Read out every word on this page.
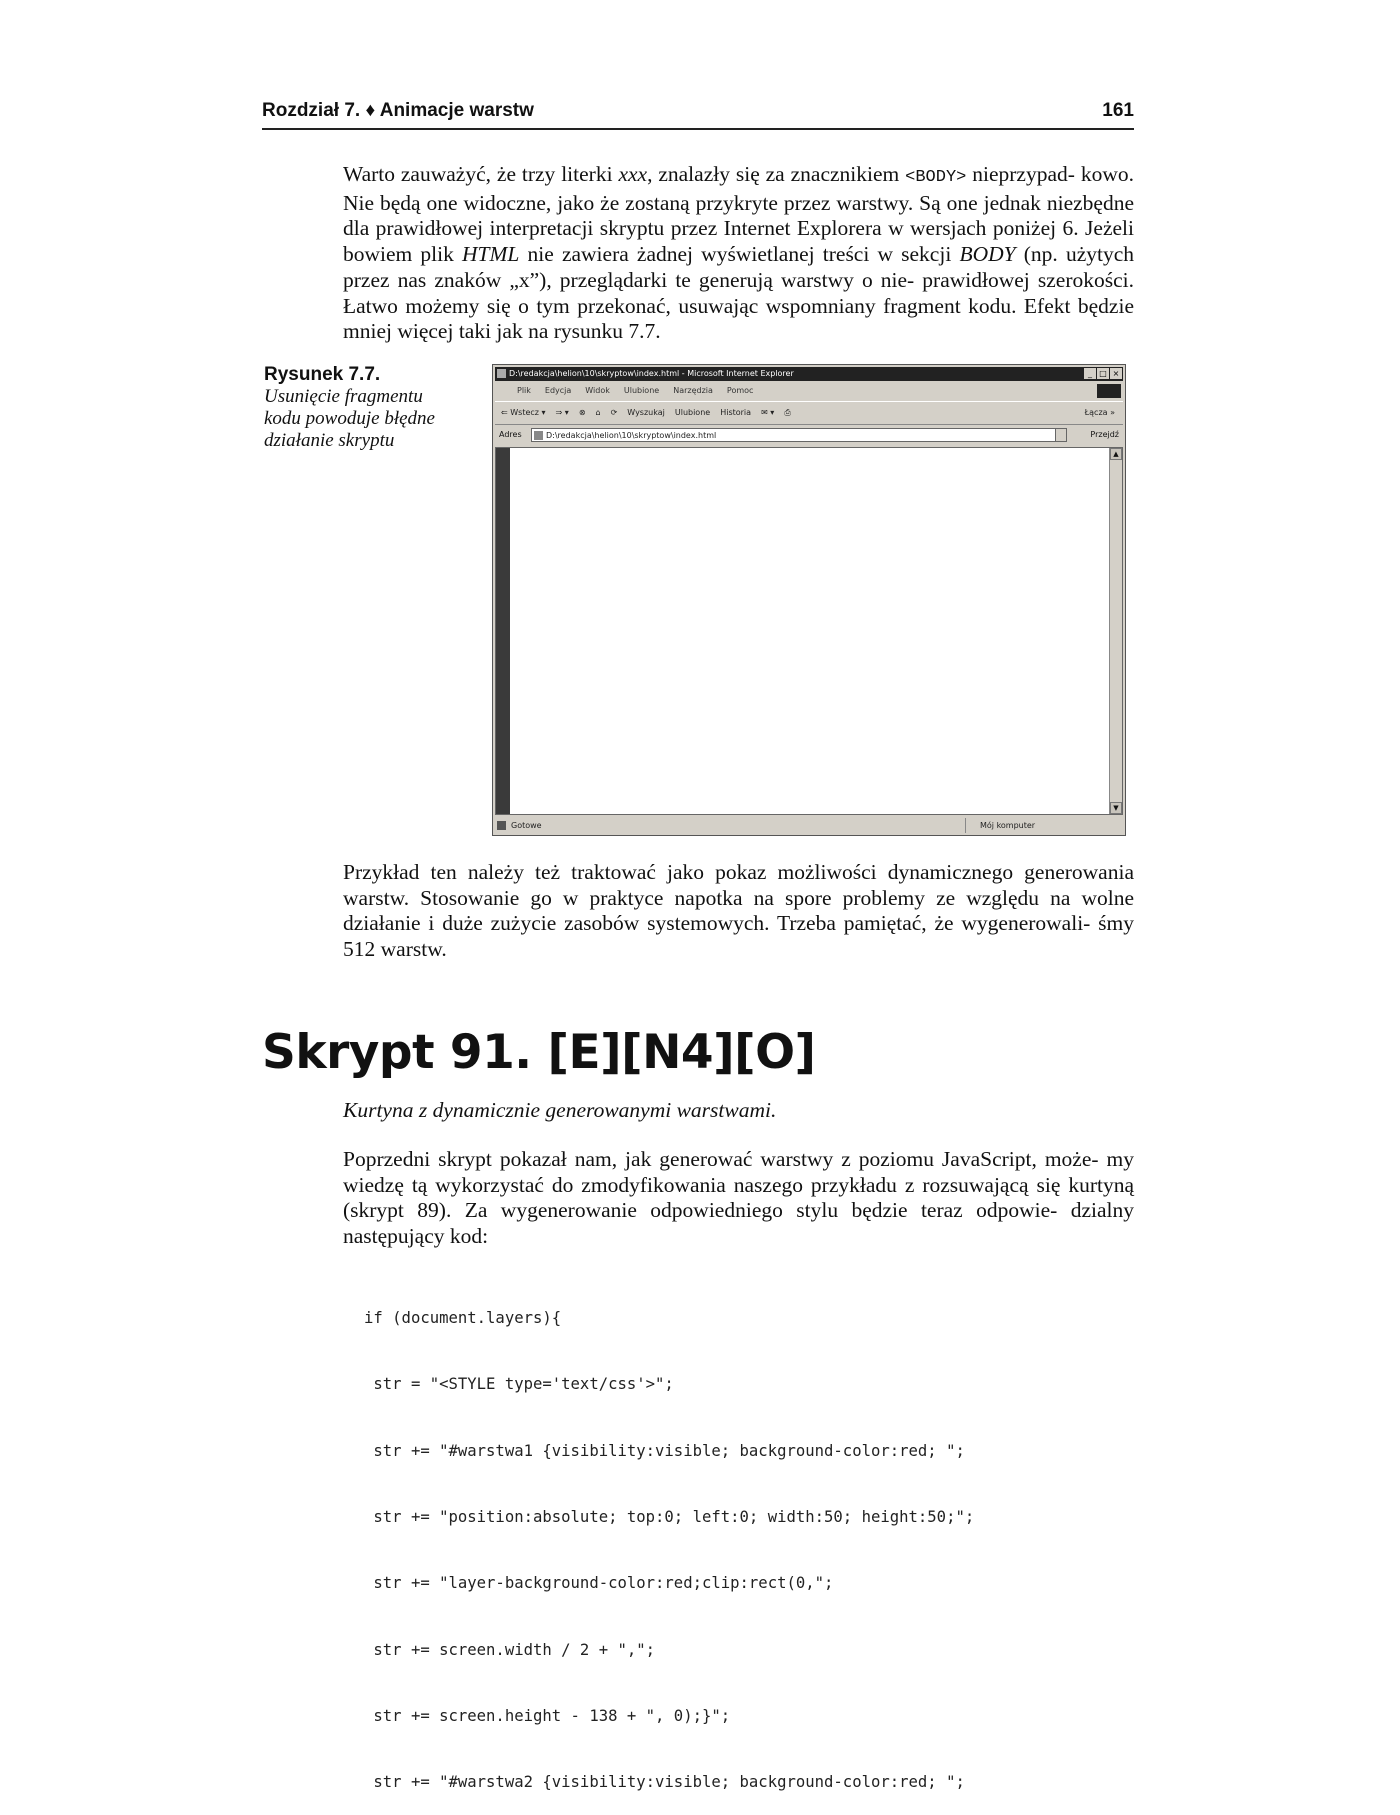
Rozdział 7. ♦ Animacje warstw	161

Warto zauważyć, że trzy literki xxx, znalazły się za znacznikiem <BODY> nieprzypad- kowo. Nie będą one widoczne, jako że zostaną przykryte przez warstwy. Są one jednak niezbędne dla prawidłowej interpretacji skryptu przez Internet Explorera w wersjach poniżej 6. Jeżeli bowiem plik HTML nie zawiera żadnej wyświetlanej treści w sekcji BODY (np. użytych przez nas znaków „x”), przeglądarki te generują warstwy o nie- prawidłowej szerokości. Łatwo możemy się o tym przekonać, usuwając wspomniany fragment kodu. Efekt będzie mniej więcej taki jak na rysunku 7.7.

Rysunek 7.7.
Usunięcie fragmentu kodu powoduje błędne działanie skryptu
D:\redakcja\helion\10\skryptow\index.html - Microsoft Internet Explorer	_ □ ×
Plik Edycja Widok Ulubione Narzędzia Pomoc
⇐ Wstecz ▾ ⇒ ▾ ⊗ ⌂ ⟳ Wyszukaj Ulubione Historia ✉ ▾ ⎙	Łącza »
Adres	D:\redakcja\helion\10\skryptow\index.html	Przejdź
▲
▼
Gotowe	Mój komputer

Przykład ten należy też traktować jako pokaz możliwości dynamicznego generowania warstw. Stosowanie go w praktyce napotka na spore problemy ze względu na wolne działanie i duże zużycie zasobów systemowych. Trzeba pamiętać, że wygenerowali- śmy 512 warstw.

Skrypt 91. [E][N4][O]
Kurtyna z dynamicznie generowanymi warstwami.

Poprzedni skrypt pokazał nam, jak generować warstwy z poziomu JavaScript, może- my wiedzę tą wykorzystać do zmodyfikowania naszego przykładu z rozsuwającą się kurtyną (skrypt 89). Za wygenerowanie odpowiedniego stylu będzie teraz odpowie- dzialny następujący kod:

if (document.layers){

str = "<STYLE type='text/css'>";

str += "#warstwa1 {visibility:visible; background-color:red; ";

str += "position:absolute; top:0; left:0; width:50; height:50;";

str += "layer-background-color:red;clip:rect(0,";

str += screen.width / 2 + ",";

str += screen.height - 138 + ", 0);}";

str += "#warstwa2 {visibility:visible; background-color:red; ";
